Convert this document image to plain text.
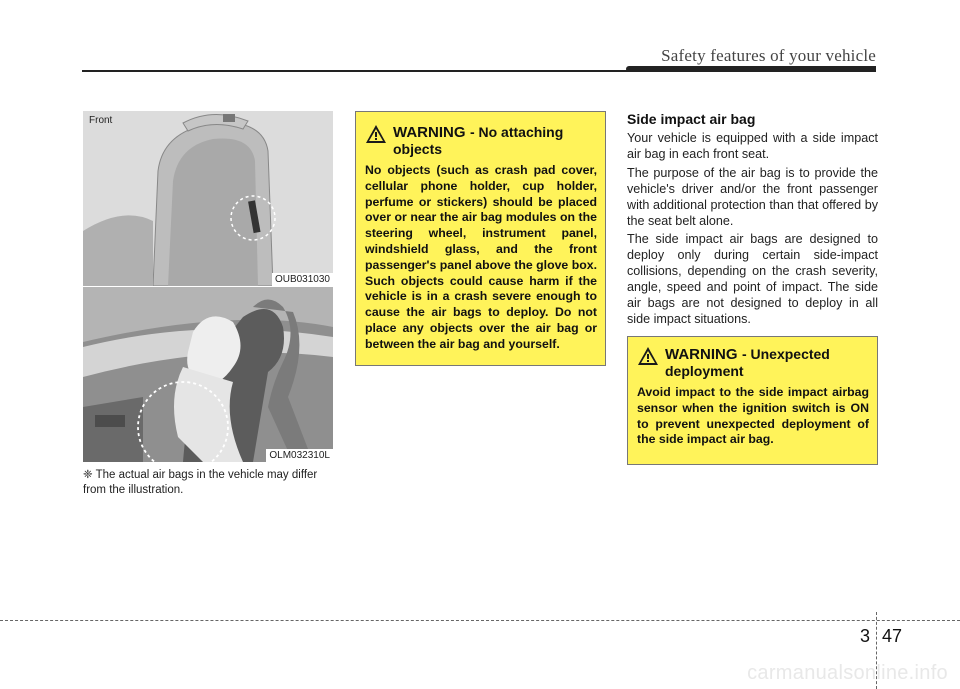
Safety features of your vehicle
Front
OUB031030
OLM032310L
❈ The actual air bags in the vehicle may differ from the illustration.
WARNING - No attaching objects
No objects (such as crash pad cover, cellular phone holder, cup holder, perfume or stickers) should be placed over or near the air bag modules on the steering wheel, instrument panel, windshield glass, and the front passenger's panel above the glove box. Such objects could cause harm if the vehicle is in a crash severe enough to cause the air bags to deploy. Do not place any objects over the air bag or between the air bag and yourself.
Side impact air bag

Your vehicle is equipped with a side impact air bag in each front seat.

The purpose of the air bag is to provide the vehicle's driver and/or the front passenger with additional protection than that offered by the seat belt alone.

The side impact air bags are designed to deploy only during certain side-impact collisions, depending on the crash severity, angle, speed and point of impact. The side air bags are not designed to deploy in all side impact situations.

WARNING - Unexpected deployment
Avoid impact to the side impact airbag sensor when the ignition switch is ON to prevent unexpected deployment of the side impact air bag.
3 47
carmanualsonline.info
